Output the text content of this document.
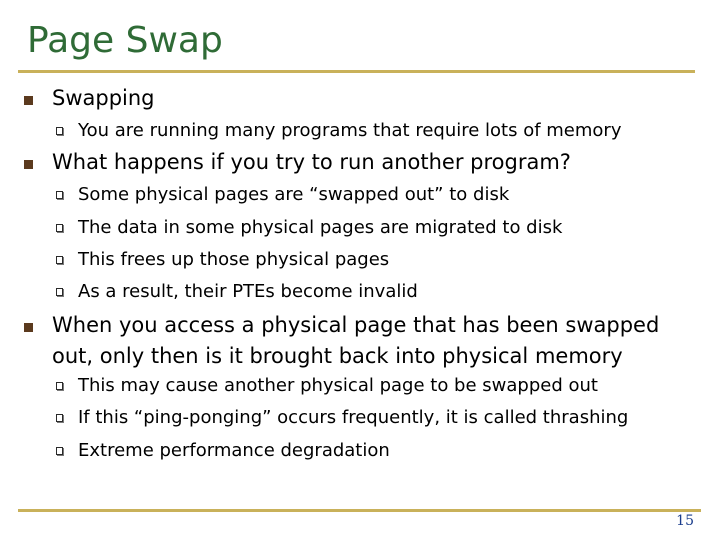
Page Swap
Swapping
You are running many programs that require lots of memory
What happens if you try to run another program?
Some physical pages are “swapped out” to disk
The data in some physical pages are migrated to disk
This frees up those physical pages
As a result, their PTEs become invalid
When you access a physical page that has been swapped out, only then is it brought back into physical memory
This may cause another physical page to be swapped out
If this “ping-ponging” occurs frequently, it is called thrashing
Extreme performance degradation
15
